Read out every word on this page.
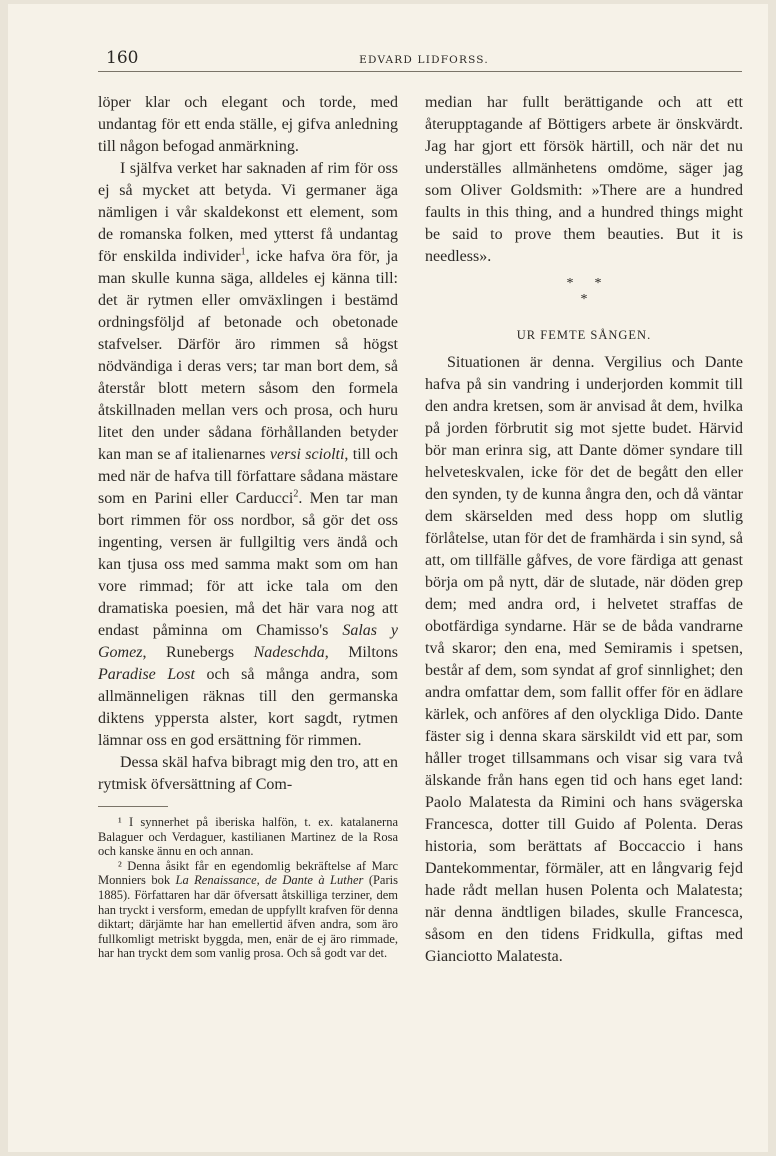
160	EDVARD LIDFORSS.

löper klar och elegant och torde, med undantag för ett enda ställe, ej gifva anledning till någon befogad anmärkning.

I själfva verket har saknaden af rim för oss ej så mycket att betyda. Vi germaner äga nämligen i vår skaldekonst ett element, som de romanska folken, med ytterst få undantag för enskilda individer$^1$, icke hafva öra för, ja man skulle kunna säga, alldeles ej känna till: det är rytmen eller omväxlingen i bestämd ordningsföljd af betonade och obetonade stafvelser. Därför äro rimmen så högst nödvändiga i deras vers; tar man bort dem, så återstår blott metern såsom den formela åtskillnaden mellan vers och prosa, och huru litet den under sådana förhållanden betyder kan man se af italienarnes versi sciolti, till och med när de hafva till författare sådana mästare som en Parini eller Carducci$^2$. Men tar man bort rimmen för oss nordbor, så gör det oss ingenting, versen är fullgiltig vers ändå och kan tjusa oss med samma makt som om han vore rimmad; för att icke tala om den dramatiska poesien, må det här vara nog att endast påminna om Chamisso's Salas y Gomez, Runebergs Nadeschda, Miltons Paradise Lost och så många andra, som allmänneligen räknas till den germanska diktens yppersta alster, kort sagdt, rytmen lämnar oss en god ersättning för rimmen.

Dessa skäl hafva bibragt mig den tro, att en rytmisk öfversättning af Com-

¹ I synnerhet på iberiska halfön, t. ex. katalanerna Balaguer och Verdaguer, kastilianen Martinez de la Rosa och kanske ännu en och annan.

² Denna åsikt får en egendomlig bekräftelse af Marc Monniers bok La Renaissance, de Dante à Luther (Paris 1885). Författaren har där öfversatt åtskilliga terziner, dem han tryckt i versform, emedan de uppfyllt krafven för denna diktart; därjämte har han emellertid äfven andra, som äro fullkomligt metriskt byggda, men, enär de ej äro rimmade, har han tryckt dem som vanlig prosa. Och så godt var det.

median har fullt berättigande och att ett återupptagande af Böttigers arbete är önskvärdt. Jag har gjort ett försök härtill, och när det nu underställes allmänhetens omdöme, säger jag som Oliver Goldsmith: »There are a hundred faults in this thing, and a hundred things might be said to prove them beauties. But it is needless».

*      *
*
UR FEMTE SÅNGEN.

Situationen är denna. Vergilius och Dante hafva på sin vandring i underjorden kommit till den andra kretsen, som är anvisad åt dem, hvilka på jorden förbrutit sig mot sjette budet. Härvid bör man erinra sig, att Dante dömer syndare till helveteskvalen, icke för det de begått den eller den synden, ty de kunna ångra den, och då väntar dem skärselden med dess hopp om slutlig förlåtelse, utan för det de framhärda i sin synd, så att, om tillfälle gåfves, de vore färdiga att genast börja om på nytt, där de slutade, när döden grep dem; med andra ord, i helvetet straffas de obotfärdiga syndarne. Här se de båda vandrarne två skaror; den ena, med Semiramis i spetsen, består af dem, som syndat af grof sinnlighet; den andra omfattar dem, som fallit offer för en ädlare kärlek, och anföres af den olyckliga Dido. Dante fäster sig i denna skara särskildt vid ett par, som håller troget tillsammans och visar sig vara två älskande från hans egen tid och hans eget land: Paolo Malatesta da Rimini och hans svägerska Francesca, dotter till Guido af Polenta. Deras historia, som berättats af Boccaccio i hans Dantekommentar, förmäler, att en långvarig fejd hade rådt mellan husen Polenta och Malatesta; när denna ändtligen bilades, skulle Francesca, såsom en den tidens Fridkulla, giftas med Gianciotto Malatesta.
